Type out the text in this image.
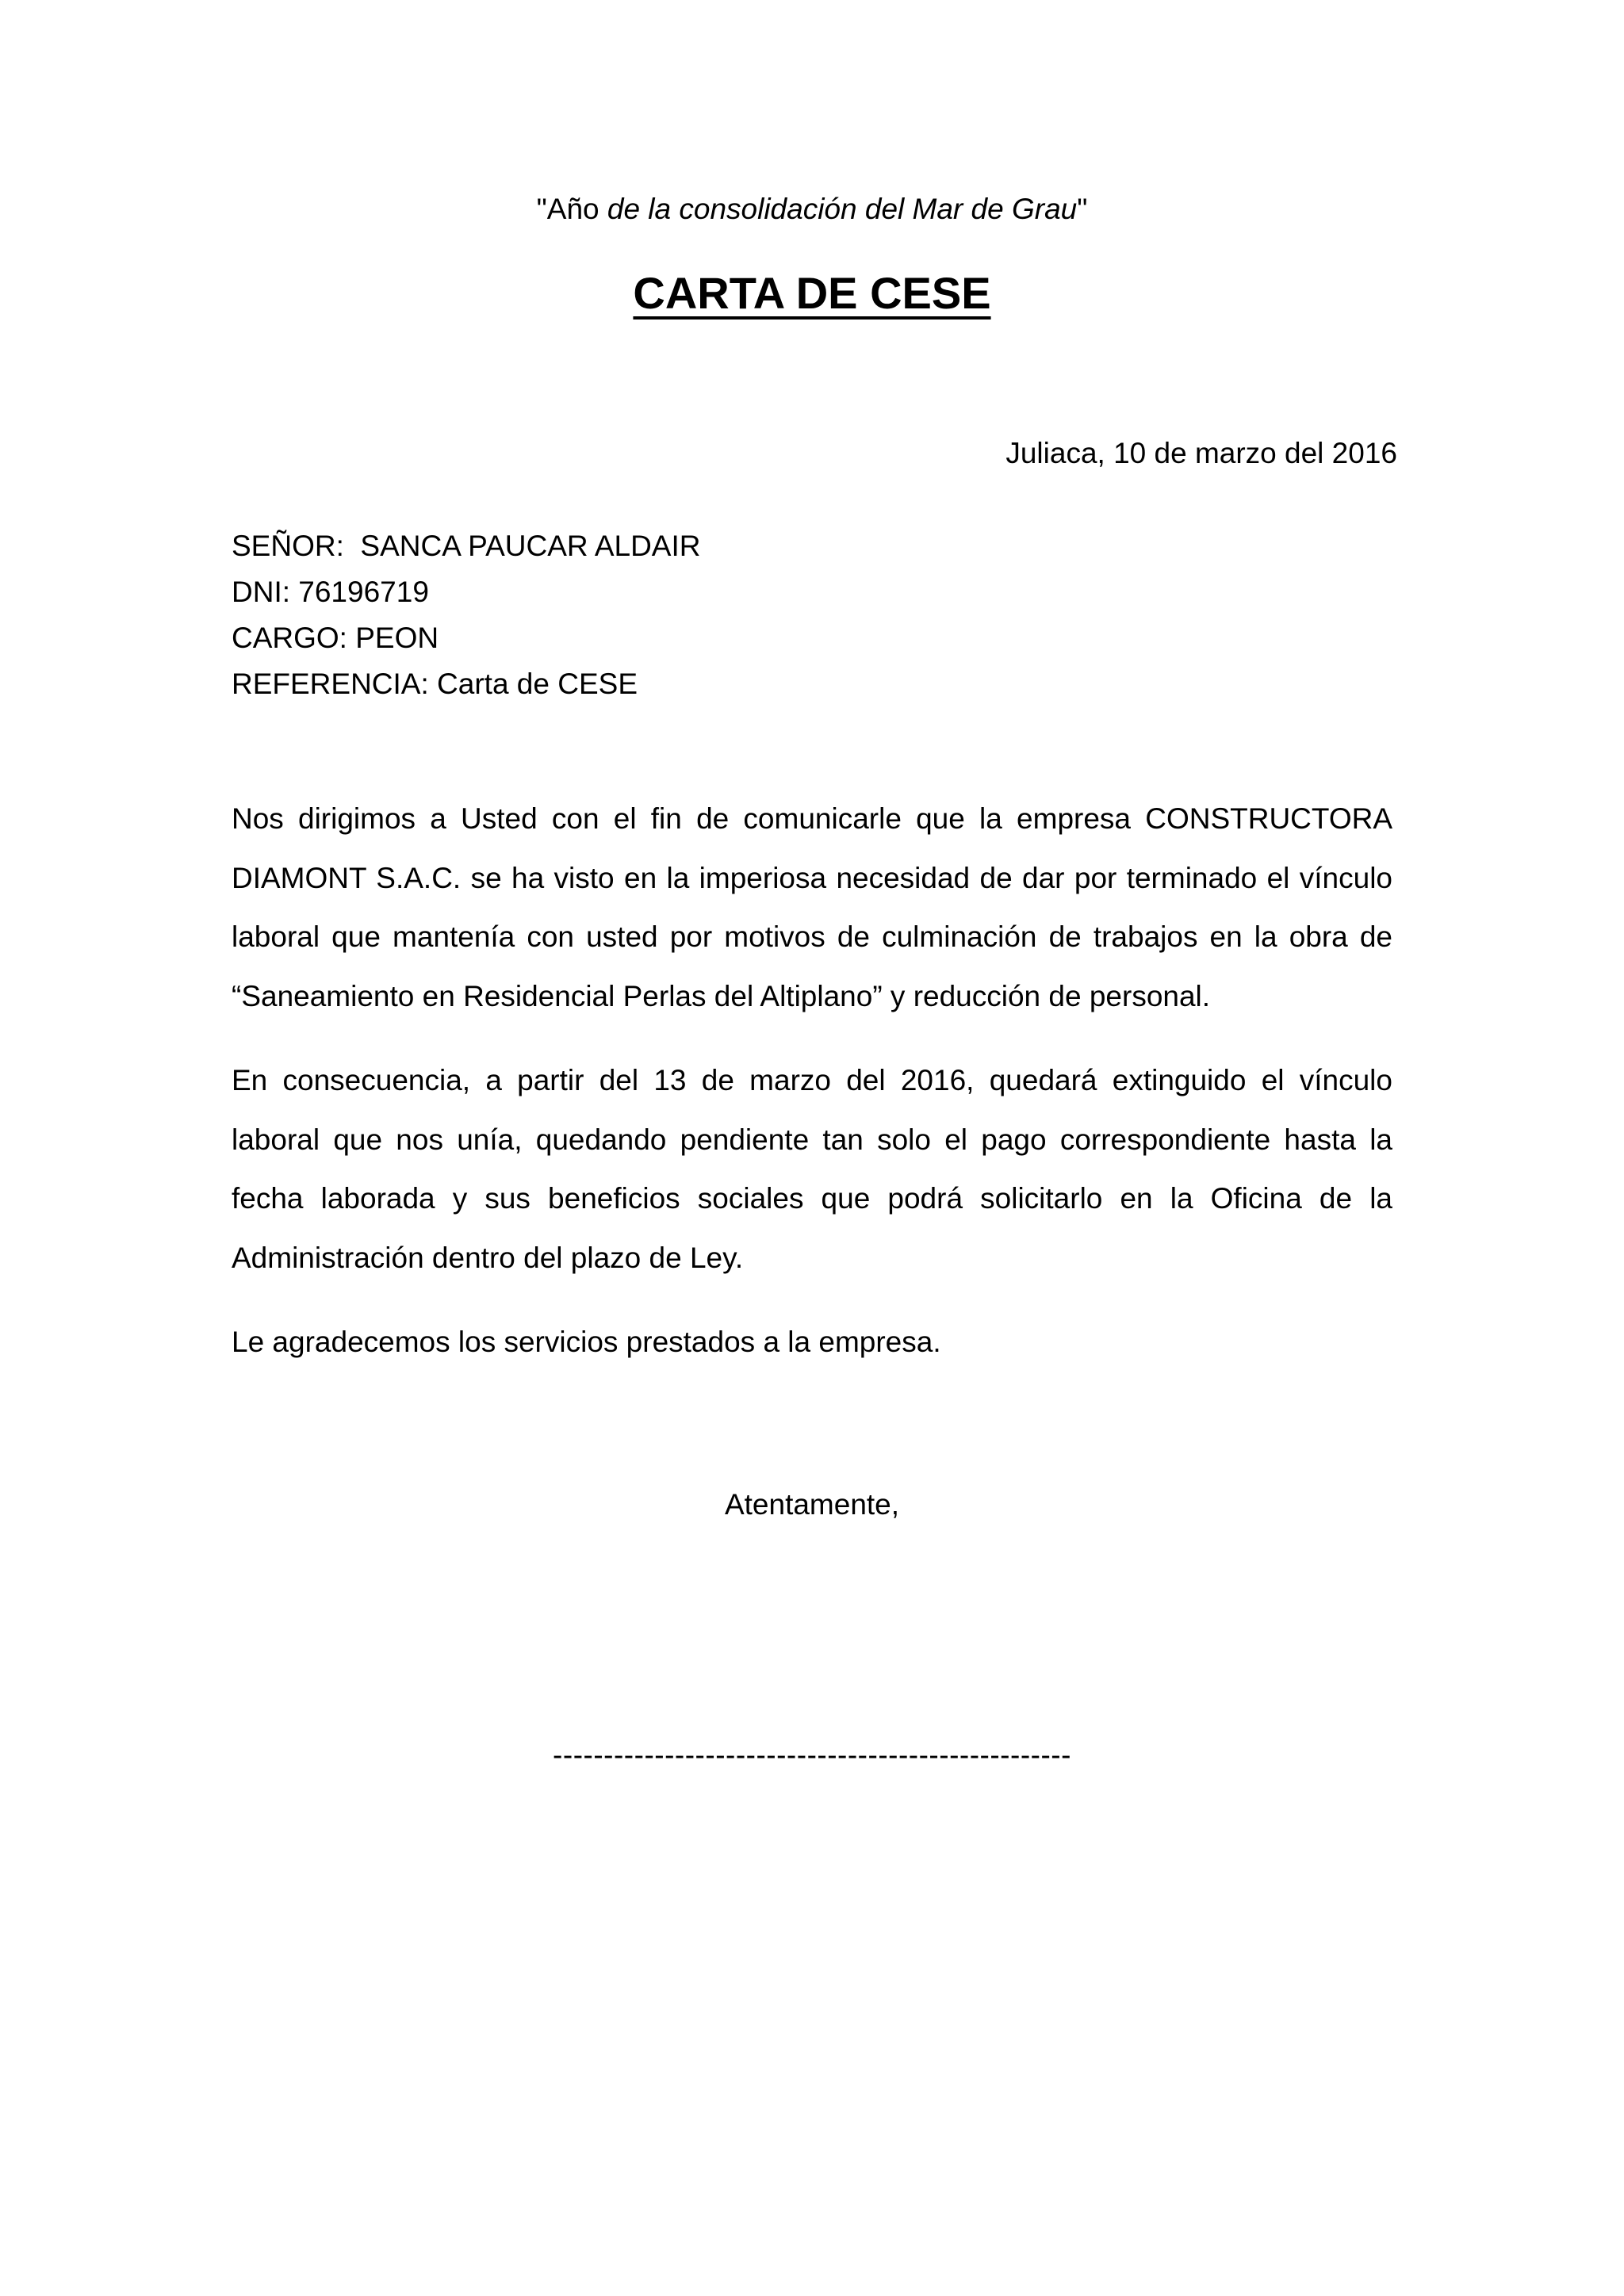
"Año de la consolidación del Mar de Grau"
CARTA DE CESE
Juliaca, 10 de marzo del 2016
SEÑOR: SANCA PAUCAR ALDAIR
DNI: 76196719
CARGO: PEON
REFERENCIA: Carta de CESE
Nos dirigimos a Usted con el fin de comunicarle que la empresa CONSTRUCTORA DIAMONT S.A.C. se ha visto en la imperiosa necesidad de dar por terminado el vínculo laboral que mantenía con usted por motivos de culminación de trabajos en la obra de “Saneamiento en Residencial Perlas del Altiplano” y reducción de personal.
En consecuencia, a partir del 13 de marzo del 2016, quedará extinguido el vínculo laboral que nos unía, quedando pendiente tan solo el pago correspondiente hasta la fecha laborada y sus beneficios sociales que podrá solicitarlo en la Oficina de la Administración dentro del plazo de Ley.
Le agradecemos los servicios prestados a la empresa.
Atentamente,
---------------------------------------------------
